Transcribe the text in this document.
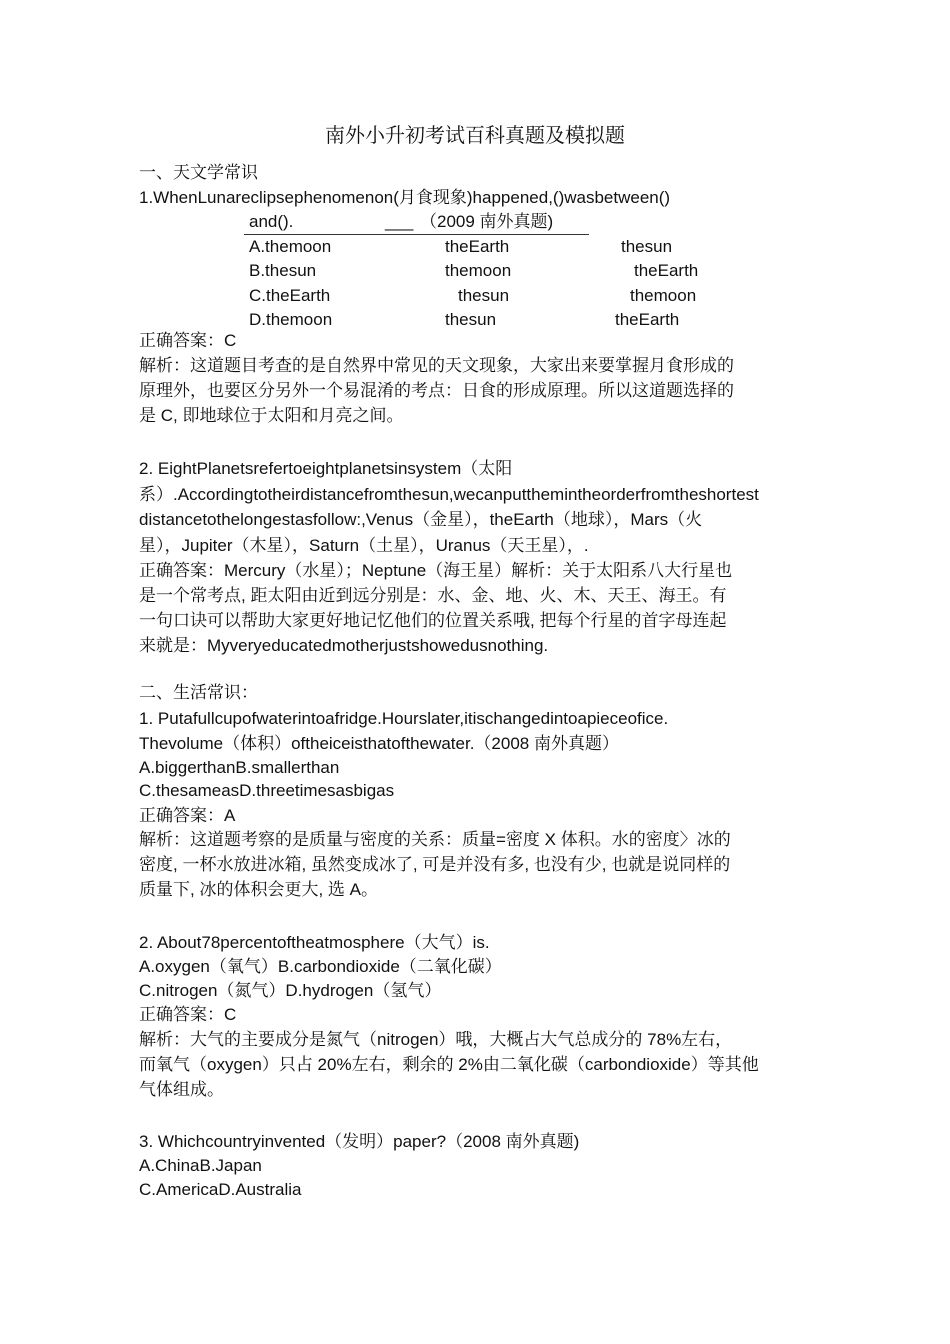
南外小升初考试百科真题及模拟题

一、天文学常识

1.WhenLunareclipsephenomenon(月食现象)happened,()wasbetween()

and().	___ （2009 南外真题)
A.themoon	theEarth	thesun
B.thesun	themoon	theEarth
C.theEarth	thesun	themoon
D.themoon	thesun	theEarth

正确答案：C

解析：这道题目考查的是自然界中常见的天文现象，大家出来要掌握月食形成的

原理外，也要区分另外一个易混淆的考点：日食的形成原理。所以这道题选择的

是 C, 即地球位于太阳和月亮之间。

2. EightPlanetsrefertoeightplanetsinsystem（太阳

系）.Accordingtotheirdistancefromthesun,wecanputthemintheorderfromtheshortest

distancetothelongestasfollow:,Venus（金星），theEarth（地球），Mars（火

星），Jupiter（木星），Saturn（土星），Uranus（天王星），.

正确答案：Mercury（水星）；Neptune（海王星）解析：关于太阳系八大行星也

是一个常考点, 距太阳由近到远分别是：水、金、地、火、木、天王、海王。有

一句口诀可以帮助大家更好地记忆他们的位置关系哦, 把每个行星的首字母连起

来就是：Myveryeducatedmotherjustshowedusnothing.

二、生活常识：

1. Putafullcupofwaterintoafridge.Hourslater,itischangedintoapieceofice.

Thevolume（体积）oftheiceisthatofthewater.（2008 南外真题）

A.biggerthanB.smallerthan

C.thesameasD.threetimesasbigas

正确答案：A

解析：这道题考察的是质量与密度的关系：质量=密度 X 体积。水的密度〉冰的

密度, 一杯水放进冰箱, 虽然变成冰了, 可是并没有多, 也没有少, 也就是说同样的

质量下, 冰的体积会更大, 选 A。

2. About78percentoftheatmosphere（大气）is.

A.oxygen（氧气）B.carbondioxide（二氧化碳）

C.nitrogen（氮气）D.hydrogen（氢气）

正确答案：C

解析：大气的主要成分是氮气（nitrogen）哦，大概占大气总成分的 78%左右，

而氧气（oxygen）只占 20%左右，剩余的 2%由二氧化碳（carbondioxide）等其他

气体组成。

3. Whichcountryinvented（发明）paper?（2008 南外真题)

A.ChinaB.Japan

C.AmericaD.Australia
